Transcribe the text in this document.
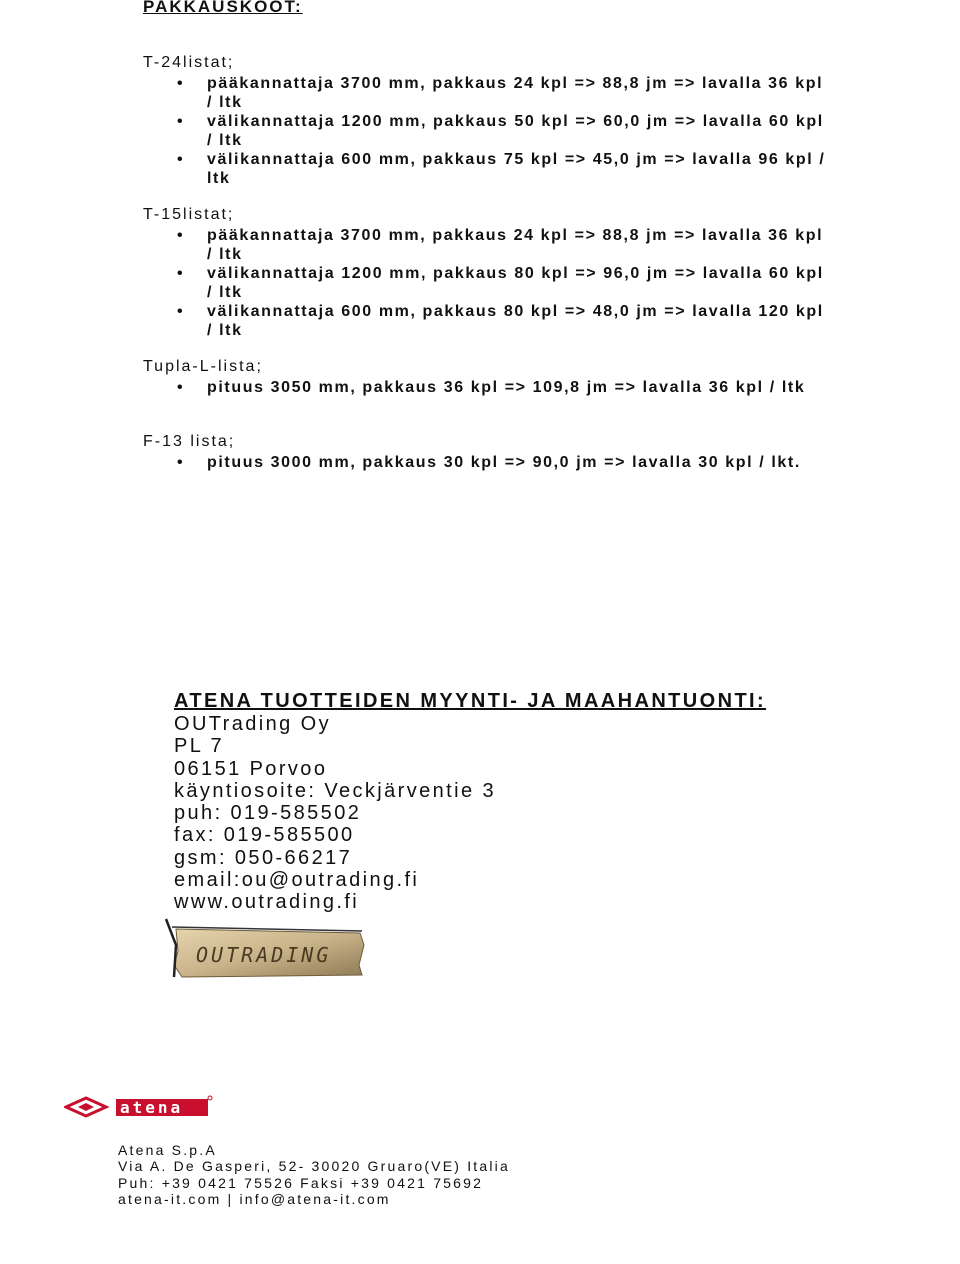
PAKKAUSKOOT:
T-24listat;
• pääkannattaja 3700 mm, pakkaus 24 kpl => 88,8 jm => lavalla 36 kpl / ltk
• välikannattaja 1200 mm, pakkaus 50 kpl => 60,0 jm => lavalla 60 kpl / ltk
• välikannattaja 600 mm, pakkaus 75 kpl => 45,0 jm => lavalla 96 kpl / ltk
T-15listat;
• pääkannattaja 3700 mm, pakkaus 24 kpl => 88,8 jm => lavalla 36 kpl / ltk
• välikannattaja 1200 mm, pakkaus 80 kpl => 96,0 jm => lavalla 60 kpl / ltk
• välikannattaja 600 mm, pakkaus 80 kpl => 48,0 jm => lavalla 120 kpl / ltk
Tupla-L-lista;
• pituus 3050 mm, pakkaus 36 kpl => 109,8 jm => lavalla 36 kpl / ltk
F-13 lista;
• pituus 3000 mm, pakkaus 30 kpl => 90,0 jm => lavalla 30 kpl / lkt.
ATENA TUOTTEIDEN MYYNTI- JA MAAHANTUONTI:
OUTrading Oy
PL 7
06151 Porvoo
käyntiosoite: Veckjärventie 3
puh: 019-585502
fax: 019-585500
gsm: 050-66217
email:ou@outrading.fi
www.outrading.fi
OUTRADING
atena
Atena S.p.A
Via A. De Gasperi, 52- 30020 Gruaro(VE) Italia
Puh: +39 0421 75526 Faksi +39 0421 75692
atena-it.com | info@atena-it.com
